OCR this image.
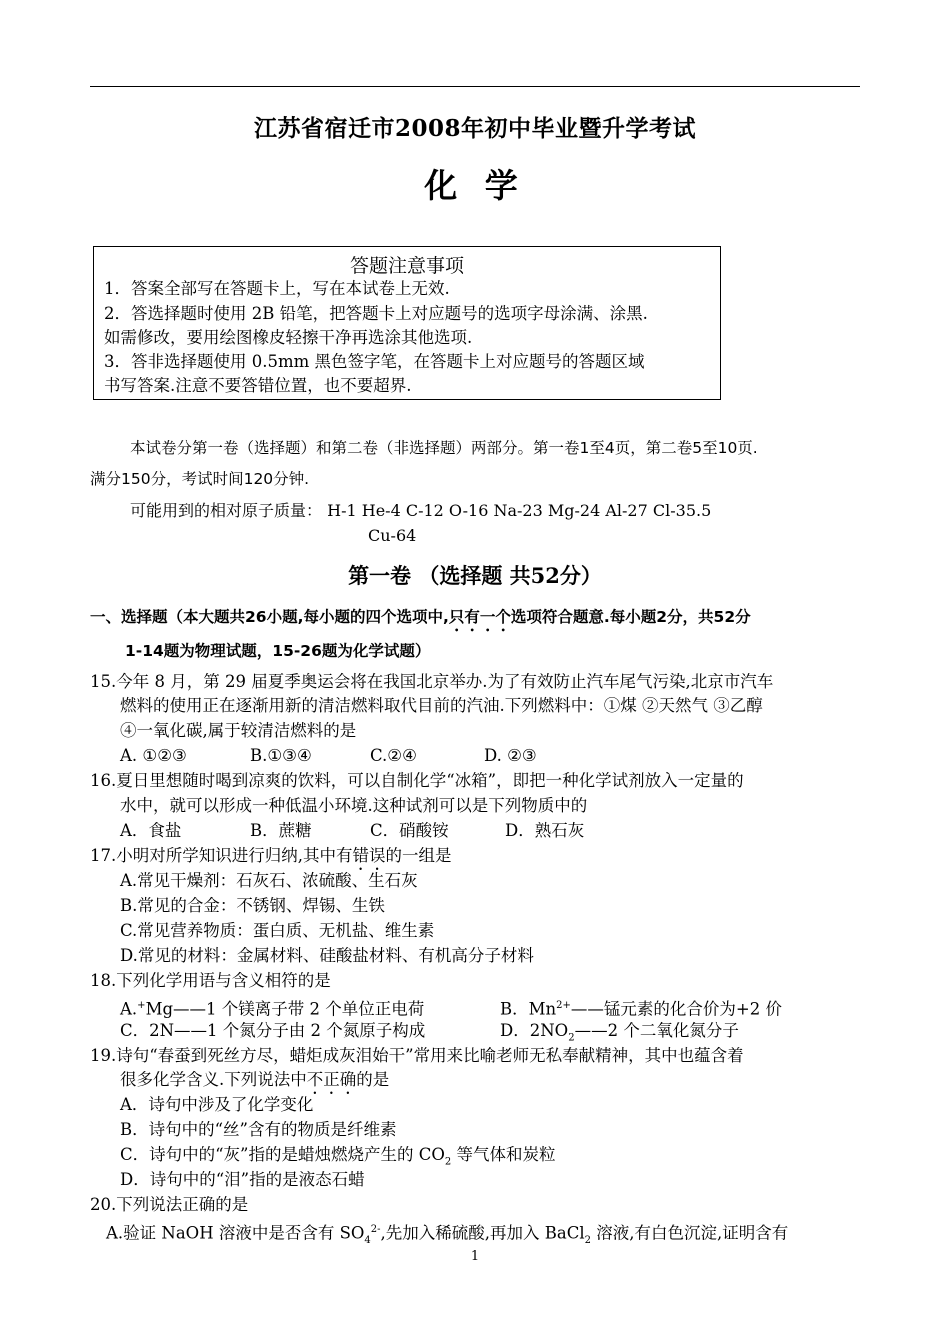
江苏省宿迁市2008年初中毕业暨升学考试
化 学
答题注意事项
1．答案全部写在答题卡上，写在本试卷上无效.
2．答选择题时使用 2B 铅笔，把答题卡上对应题号的选项字母涂满、涂黑.
如需修改，要用绘图橡皮轻擦干净再选涂其他选项.
3．答非选择题使用 0.5mm 黑色签字笔，在答题卡上对应题号的答题区域
书写答案.注意不要答错位置，也不要超界.
本试卷分第一卷（选择题）和第二卷（非选择题）两部分。第一卷1至4页，第二卷5至10页.
满分150分，考试时间120分钟.
可能用到的相对原子质量： H-1 He-4 C-12 O-16 Na-23 Mg-24 Al-27 Cl-35.5
Cu-64
第一卷 （选择题 共52分）
一、选择题（本大题共26小题,每小题的四个选项中,只有一个选项符合题意.每小题2分，共52分
1-14题为物理试题，15-26题为化学试题）
15.今年 8 月，第 29 届夏季奥运会将在我国北京举办.为了有效防止汽车尾气污染,北京市汽车
燃料的使用正在逐渐用新的清洁燃料取代目前的汽油.下列燃料中：①煤 ②天然气 ③乙醇
④一氧化碳,属于较清洁燃料的是
A. ①②③	B.①③④	C.②④	D. ②③
16.夏日里想随时喝到凉爽的饮料，可以自制化学“冰箱”，即把一种化学试剂放入一定量的
水中，就可以形成一种低温小环境.这种试剂可以是下列物质中的
A．食盐	B．蔗糖	C．硝酸铵	D．熟石灰
17.小明对所学知识进行归纳,其中有错误的一组是
A.常见干燥剂：石灰石、浓硫酸、生石灰
B.常见的合金：不锈钢、焊锡、生铁
C.常见营养物质：蛋白质、无机盐、维生素
D.常见的材料：金属材料、硅酸盐材料、有机高分子材料
18.下列化学用语与含义相符的是
A.+Mg——1 个镁离子带 2 个单位正电荷	B．$Mn^{2+}——$锰元素的化合价为+2 价
C．2N——1 个氮分子由 2 个氮原子构成	D．$2NO_2——2$ 个二氧化氮分子
19.诗句“春蚕到死丝方尽，蜡炬成灰泪始干”常用来比喻老师无私奉献精神，其中也蕴含着
很多化学含义.下列说法中不正确的是
A．诗句中涉及了化学变化
B．诗句中的“丝”含有的物质是纤维素
C．诗句中的“灰”指的是蜡烛燃烧产生的 $CO_2$ 等气体和炭粒
D．诗句中的“泪”指的是液态石蜡
20.下列说法正确的是
A.验证 NaOH 溶液中是否含有 $SO_4^{2-}$,先加入稀硫酸,再加入 BaCl$_2$ 溶液,有白色沉淀,证明含有
1
